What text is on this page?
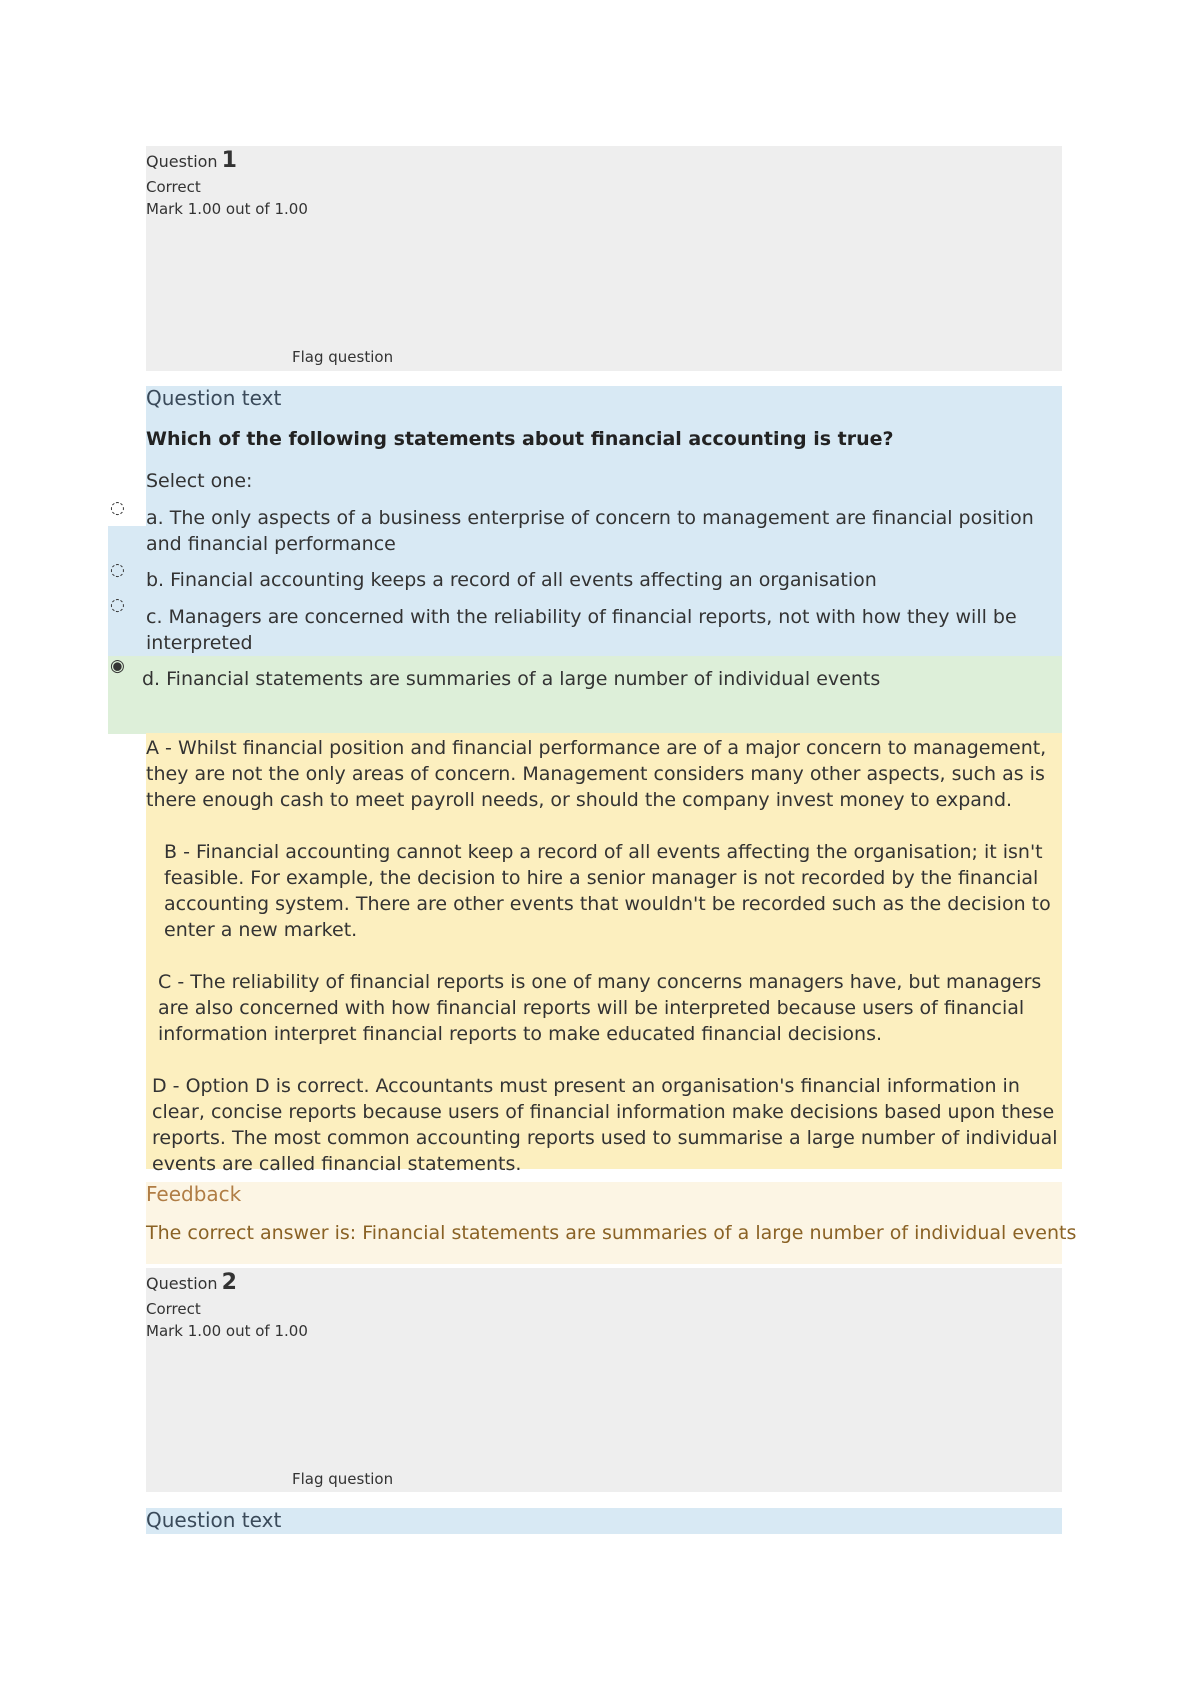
Question 1
Correct
Mark 1.00 out of 1.00
Flag question
Question text
Which of the following statements about financial accounting is true?
Select one:
◌ a. The only aspects of a business enterprise of concern to management are financial position and financial performance
◌ b. Financial accounting keeps a record of all events affecting an organisation
◌
c. Managers are concerned with the reliability of financial reports, not with how they will be interpreted
◉
d. Financial statements are summaries of a large number of individual events

A - Whilst financial position and financial performance are of a major concern to management, they are not the only areas of concern. Management considers many other aspects, such as is there enough cash to meet payroll needs, or should the company invest money to expand.

B - Financial accounting cannot keep a record of all events affecting the organisation; it isn't feasible. For example, the decision to hire a senior manager is not recorded by the financial accounting system. There are other events that wouldn't be recorded such as the decision to enter a new market.

C - The reliability of financial reports is one of many concerns managers have, but managers are also concerned with how financial reports will be interpreted because users of financial information interpret financial reports to make educated financial decisions.

D - Option D is correct. Accountants must present an organisation's financial information in clear, concise reports because users of financial information make decisions based upon these reports. The most common accounting reports used to summarise a large number of individual events are called financial statements.

Feedback
The correct answer is: Financial statements are summaries of a large number of individual events
Question 2
Correct
Mark 1.00 out of 1.00
Flag question
Question text
